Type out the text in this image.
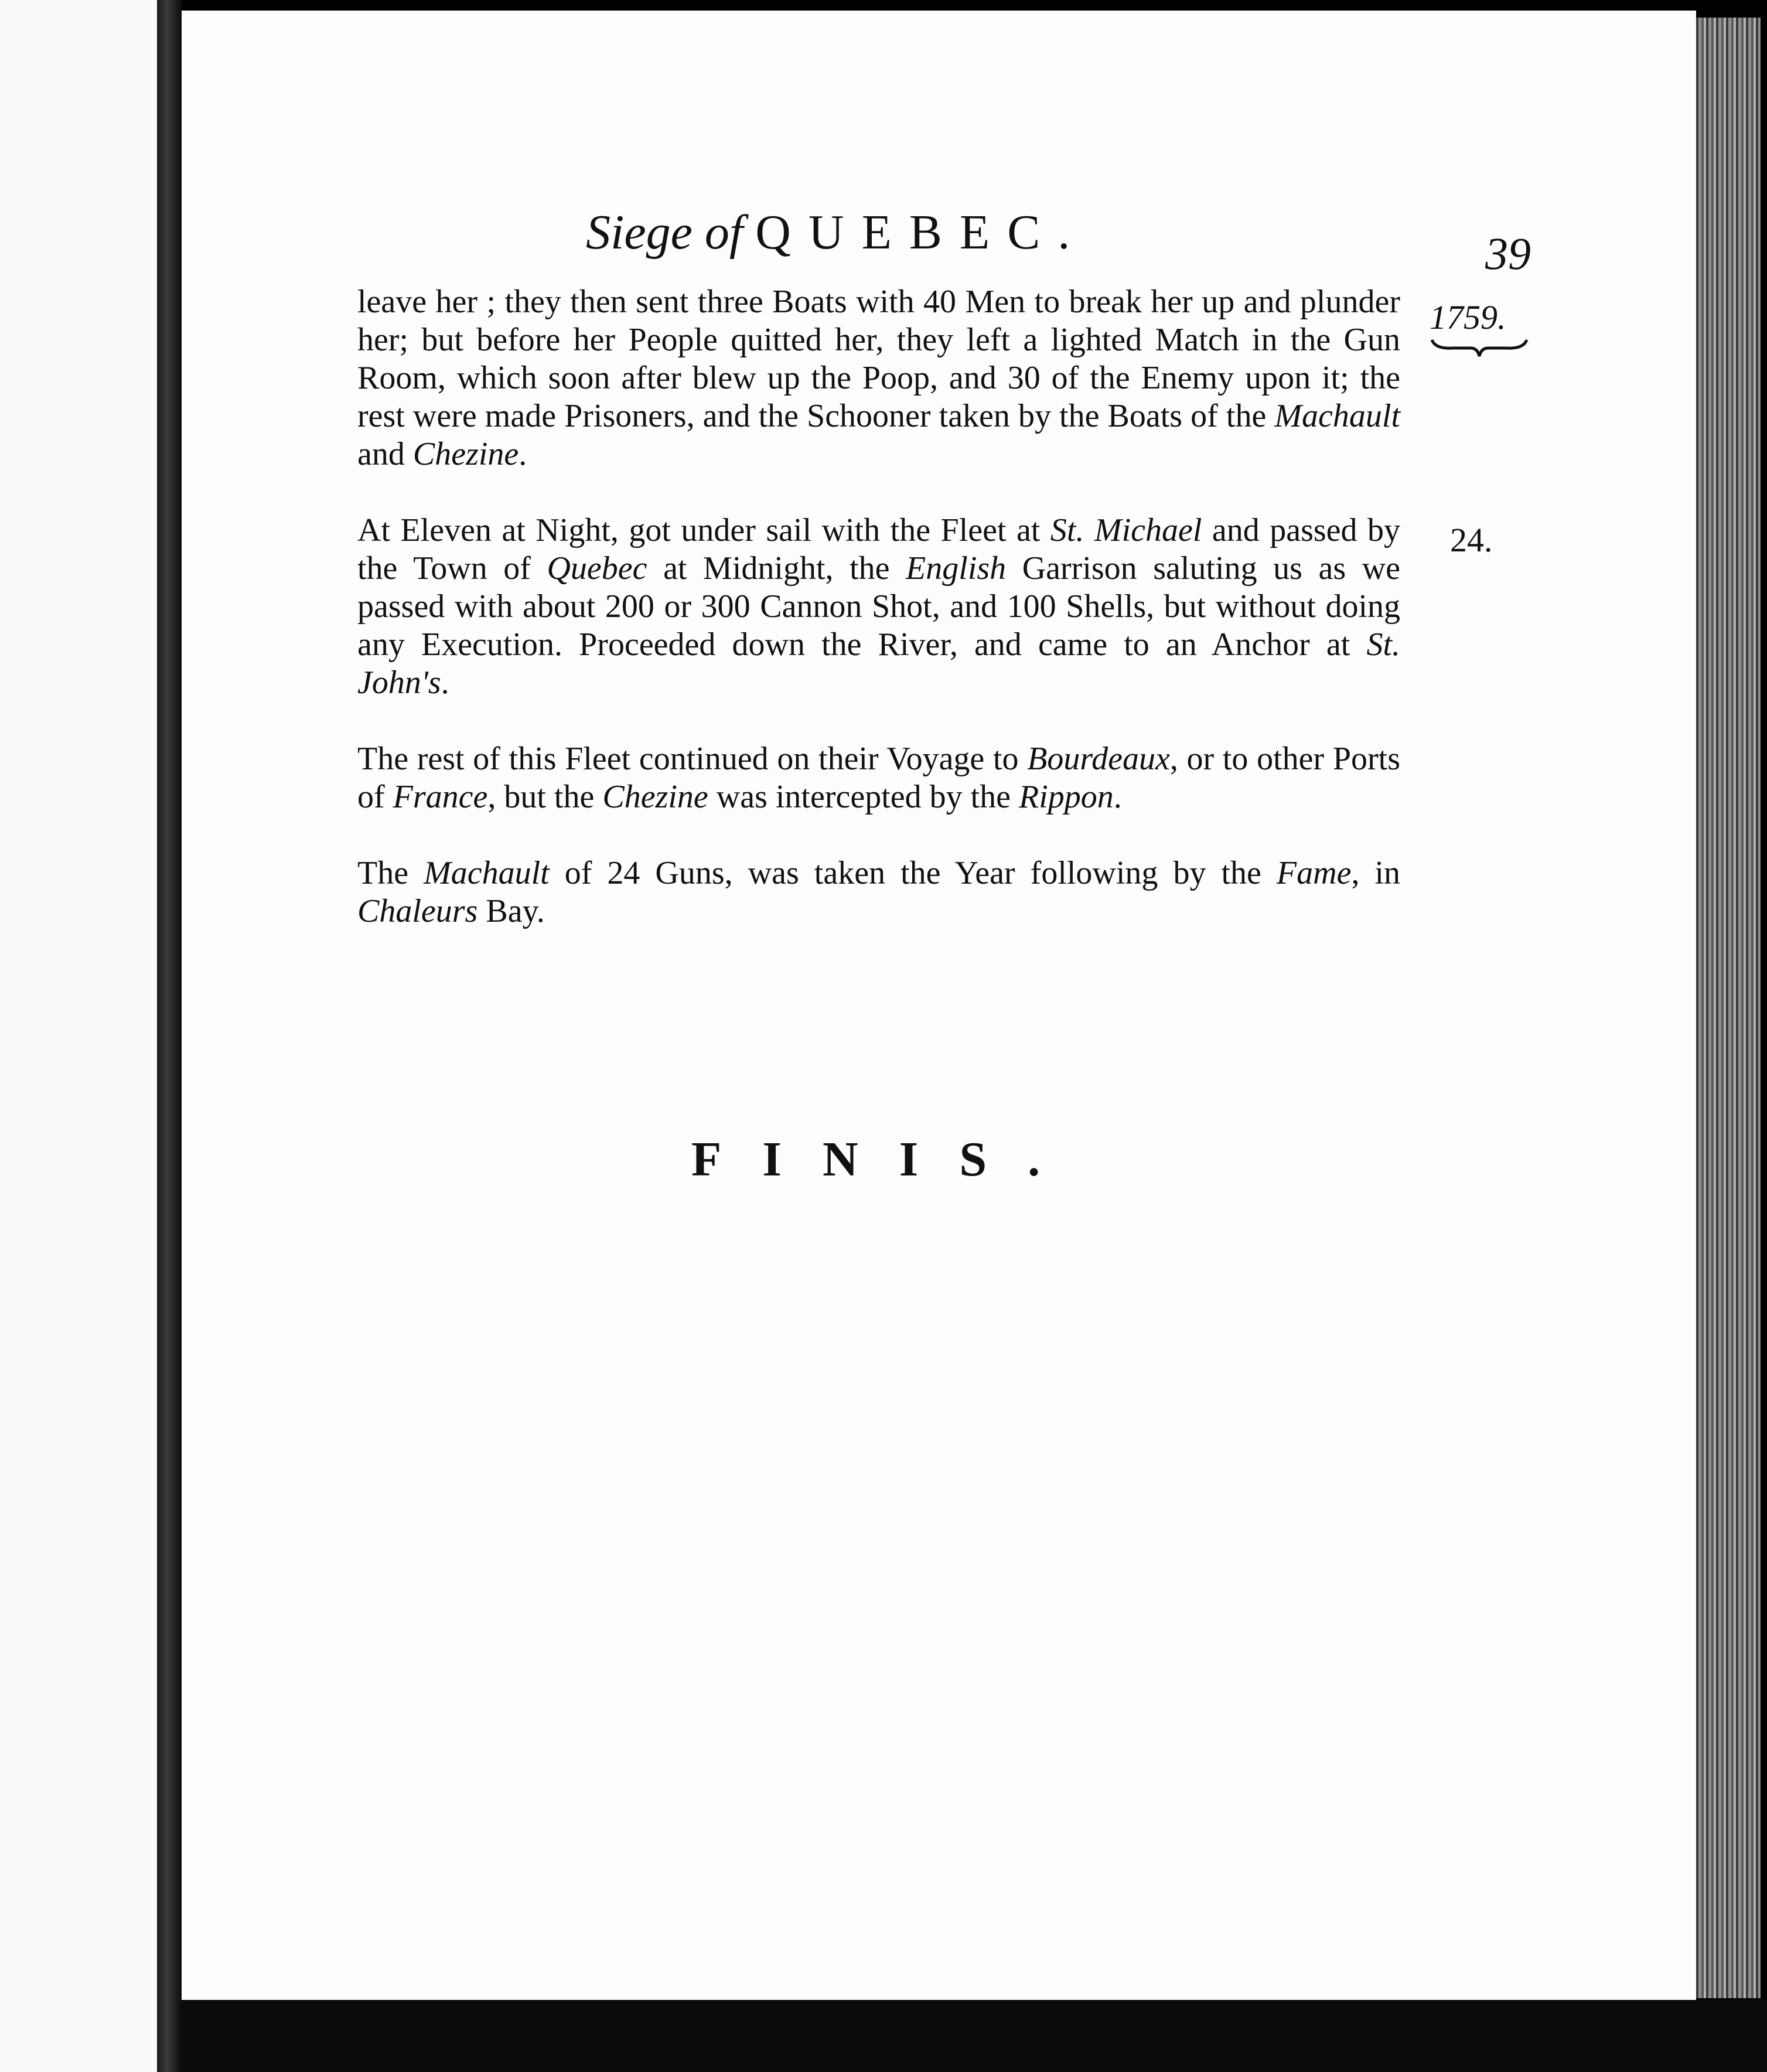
Siege of QUEBEC.	39
1759.
leave her ; they then sent three Boats with 40 Men to break her up and plunder her; but before her People quitted her, they left a lighted Match in the Gun Room, which soon after blew up the Poop, and 30 of the Enemy upon it; the rest were made Prisoners, and the Schooner taken by the Boats of the Machault and Chezine.
24.
At Eleven at Night, got under sail with the Fleet at St. Michael and passed by the Town of Quebec at Midnight, the English Garrison saluting us as we passed with about 200 or 300 Cannon Shot, and 100 Shells, but without doing any Execution. Proceeded down the River, and came to an Anchor at St. John's.
The rest of this Fleet continued on their Voyage to Bourdeaux, or to other Ports of France, but the Chezine was intercepted by the Rippon.
The Machault of 24 Guns, was taken the Year following by the Fame, in Chaleurs Bay.
FINIS.
